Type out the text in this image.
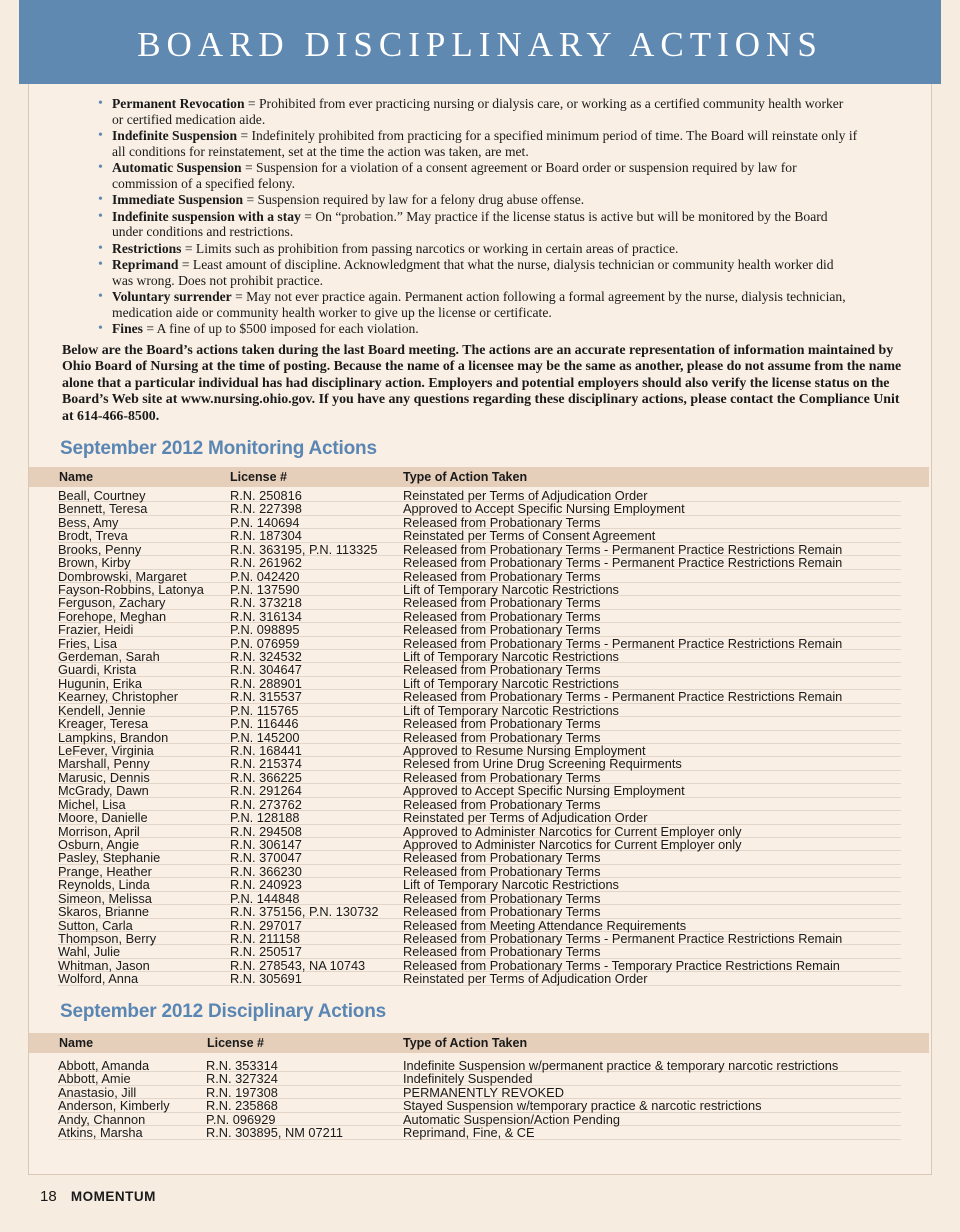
BOARD DISCIPLINARY ACTIONS
• Permanent Revocation = Prohibited from ever practicing nursing or dialysis care, or working as a certified community health worker or certified medication aide.
• Indefinite Suspension = Indefinitely prohibited from practicing for a specified minimum period of time. The Board will reinstate only if all conditions for reinstatement, set at the time the action was taken, are met.
• Automatic Suspension = Suspension for a violation of a consent agreement or Board order or suspension required by law for commission of a specified felony.
• Immediate Suspension = Suspension required by law for a felony drug abuse offense.
• Indefinite suspension with a stay = On “probation.” May practice if the license status is active but will be monitored by the Board under conditions and restrictions.
• Restrictions = Limits such as prohibition from passing narcotics or working in certain areas of practice.
• Reprimand = Least amount of discipline. Acknowledgment that what the nurse, dialysis technician or community health worker did was wrong. Does not prohibit practice.
• Voluntary surrender = May not ever practice again. Permanent action following a formal agreement by the nurse, dialysis technician, medication aide or community health worker to give up the license or certificate.
• Fines = A fine of up to $500 imposed for each violation.

Below are the Board’s actions taken during the last Board meeting. The actions are an accurate representation of information maintained by Ohio Board of Nursing at the time of posting. Because the name of a licensee may be the same as another, please do not assume from the name alone that a particular individual has had disciplinary action. Employers and potential employers should also verify the license status on the Board’s Web site at www.nursing.ohio.gov. If you have any questions regarding these disciplinary actions, please contact the Compliance Unit at 614-466-8500.

September 2012 Monitoring Actions
Name	License #	Type of Action Taken
Beall, Courtney	R.N. 250816	Reinstated per Terms of Adjudication Order
Bennett, Teresa	R.N. 227398	Approved to Accept Specific Nursing Employment
Bess, Amy	P.N. 140694	Released from Probationary Terms
Brodt, Treva	R.N. 187304	Reinstated per Terms of Consent Agreement
Brooks, Penny	R.N. 363195, P.N. 113325 Released from Probationary Terms - Permanent Practice Restrictions Remain
Brown, Kirby	R.N. 261962	Released from Probationary Terms - Permanent Practice Restrictions Remain
Dombrowski, Margaret	P.N. 042420	Released from Probationary Terms
Fayson-Robbins, Latonya P.N. 137590	Lift of Temporary Narcotic Restrictions
Ferguson, Zachary	R.N. 373218	Released from Probationary Terms
Forehope, Meghan	R.N. 316134	Released from Probationary Terms
Frazier, Heidi	P.N. 098895	Released from Probationary Terms
Fries, Lisa	P.N. 076959	Released from Probationary Terms - Permanent Practice Restrictions Remain
Gerdeman, Sarah	R.N. 324532	Lift of Temporary Narcotic Restrictions
Guardi, Krista	R.N. 304647	Released from Probationary Terms
Hugunin, Erika	R.N. 288901	Lift of Temporary Narcotic Restrictions
Kearney, Christopher	R.N. 315537	Released from Probationary Terms - Permanent Practice Restrictions Remain
Kendell, Jennie	P.N. 115765	Lift of Temporary Narcotic Restrictions
Kreager, Teresa	P.N. 116446	Released from Probationary Terms
Lampkins, Brandon	P.N. 145200	Released from Probationary Terms
LeFever, Virginia	R.N. 168441	Approved to Resume Nursing Employment
Marshall, Penny	R.N. 215374	Relesed from Urine Drug Screening Requirments
Marusic, Dennis	R.N. 366225	Released from Probationary Terms
McGrady, Dawn	R.N. 291264	Approved to Accept Specific Nursing Employment
Michel, Lisa	R.N. 273762	Released from Probationary Terms
Moore, Danielle	P.N. 128188	Reinstated per Terms of Adjudication Order
Morrison, April	R.N. 294508	Approved to Administer Narcotics for Current Employer only
Osburn, Angie	R.N. 306147	Approved to Administer Narcotics for Current Employer only
Pasley, Stephanie	R.N. 370047	Released from Probationary Terms
Prange, Heather	R.N. 366230	Released from Probationary Terms
Reynolds, Linda	R.N. 240923	Lift of Temporary Narcotic Restrictions
Simeon, Melissa	P.N. 144848	Released from Probationary Terms
Skaros, Brianne	R.N. 375156, P.N. 130732 Released from Probationary Terms
Sutton, Carla	R.N. 297017	Released from Meeting Attendance Requirements
Thompson, Berry	R.N. 211158	Released from Probationary Terms - Permanent Practice Restrictions Remain
Wahl, Julie	R.N. 250517	Released from Probationary Terms
Whitman, Jason	R.N. 278543, NA 10743	Released from Probationary Terms - Temporary Practice Restrictions Remain
Wolford, Anna	R.N. 305691	Reinstated per Terms of Adjudication Order
September 2012 Disciplinary Actions
Name	License #	Type of Action Taken
Abbott, Amanda	R.N. 353314	Indefinite Suspension w/permanent practice & temporary narcotic restrictions
Abbott, Amie	R.N. 327324	Indefinitely Suspended
Anastasio, Jill	R.N. 197308	PERMANENTLY REVOKED
Anderson, Kimberly	R.N. 235868	Stayed Suspension w/temporary practice & narcotic restrictions
Andy, Channon	P.N. 096929	Automatic Suspension/Action Pending
Atkins, Marsha	R.N. 303895, NM 07211	Reprimand, Fine, & CE
18 MOMENTUM
